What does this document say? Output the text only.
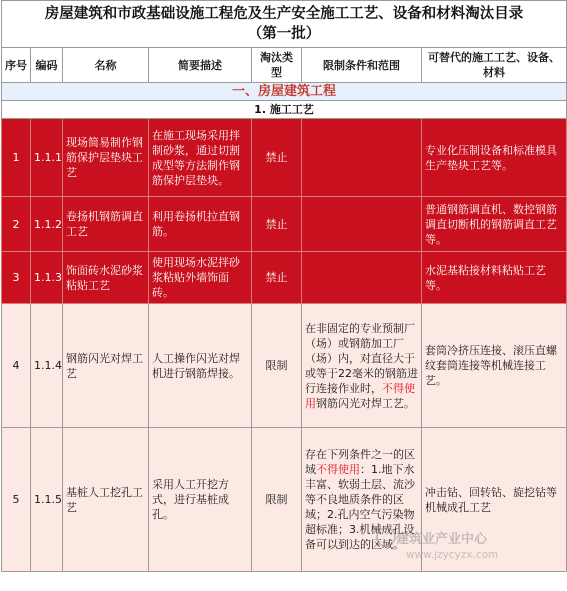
房屋建筑和市政基础设施工程危及生产安全施工工艺、设备和材料淘汰目录
（第一批）						

序号	编码	名称	简要描述	淘汰类型	限制条件和范围	可替代的施工工艺、设备、材料
一、房屋建筑工程						
1. 施工工艺						
1	1.1.1	现场简易制作钢筋保护层垫块工艺	在施工现场采用拌制砂浆，通过切割成型等方法制作钢筋保护层垫块。	禁止		专业化压制设备和标准模具生产垫块工艺等。
2	1.1.2	卷扬机钢筋调直工艺	利用卷扬机拉直钢筋。	禁止		普通钢筋调直机、数控钢筋调直切断机的钢筋调直工艺等。
3	1.1.3	饰面砖水泥砂浆粘贴工艺	使用现场水泥拌砂浆粘贴外墙饰面砖。	禁止		水泥基粘接材料粘贴工艺等。
4	1.1.4	钢筋闪光对焊工艺	人工操作闪光对焊机进行钢筋焊接。	限制	在非固定的专业预制厂（场）或钢筋加工厂（场）内，对直径大于或等于22毫米的钢筋进行连接作业时，不得使用钢筋闪光对焊工艺。	套筒冷挤压连接、滚压直螺纹套筒连接等机械连接工艺。
5	1.1.5	基桩人工挖孔工艺	采用人工开挖方式，进行基桩成孔。	限制	存在下列条件之一的区域不得使用：1.地下水丰富、软弱土层、流沙等不良地质条件的区域；2.孔内空气污染物超标准；3.机械成孔设备可以到达的区域。	冲击钻、回转钻、旋挖钻等机械成孔工艺
建筑业产业中心
www.jzycyzx.com
